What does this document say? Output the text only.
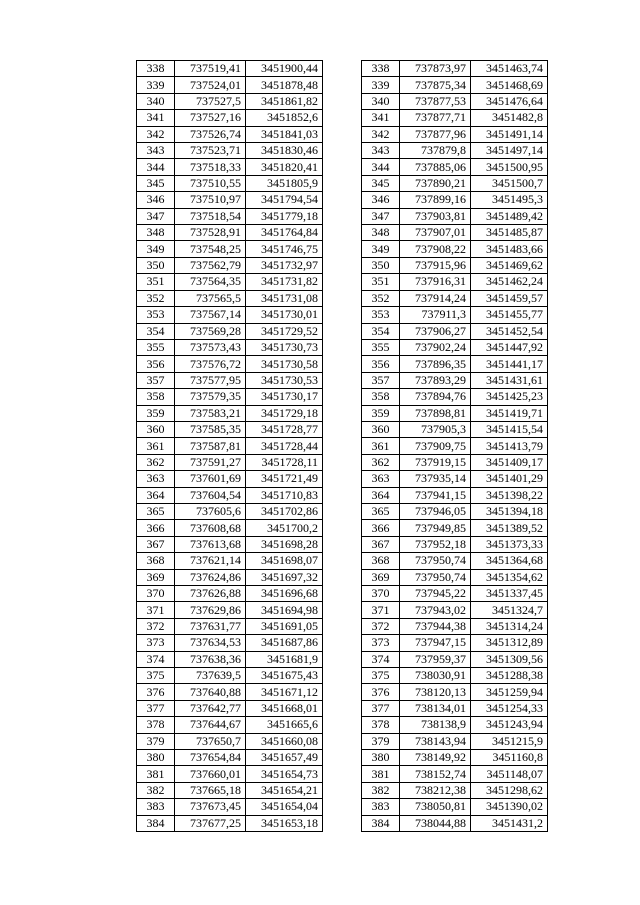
338	737519,41	3451900,44
339	737524,01	3451878,48
340	737527,5	3451861,82
341	737527,16	3451852,6
342	737526,74	3451841,03
343	737523,71	3451830,46
344	737518,33	3451820,41
345	737510,55	3451805,9
346	737510,97	3451794,54
347	737518,54	3451779,18
348	737528,91	3451764,84
349	737548,25	3451746,75
350	737562,79	3451732,97
351	737564,35	3451731,82
352	737565,5	3451731,08
353	737567,14	3451730,01
354	737569,28	3451729,52
355	737573,43	3451730,73
356	737576,72	3451730,58
357	737577,95	3451730,53
358	737579,35	3451730,17
359	737583,21	3451729,18
360	737585,35	3451728,77
361	737587,81	3451728,44
362	737591,27	3451728,11
363	737601,69	3451721,49
364	737604,54	3451710,83
365	737605,6	3451702,86
366	737608,68	3451700,2
367	737613,68	3451698,28
368	737621,14	3451698,07
369	737624,86	3451697,32
370	737626,88	3451696,68
371	737629,86	3451694,98
372	737631,77	3451691,05
373	737634,53	3451687,86
374	737638,36	3451681,9
375	737639,5	3451675,43
376	737640,88	3451671,12
377	737642,77	3451668,01
378	737644,67	3451665,6
379	737650,7	3451660,08
380	737654,84	3451657,49
381	737660,01	3451654,73
382	737665,18	3451654,21
383	737673,45	3451654,04
384	737677,25	3451653,18
338	737873,97	3451463,74
339	737875,34	3451468,69
340	737877,53	3451476,64
341	737877,71	3451482,8
342	737877,96	3451491,14
343	737879,8	3451497,14
344	737885,06	3451500,95
345	737890,21	3451500,7
346	737899,16	3451495,3
347	737903,81	3451489,42
348	737907,01	3451485,87
349	737908,22	3451483,66
350	737915,96	3451469,62
351	737916,31	3451462,24
352	737914,24	3451459,57
353	737911,3	3451455,77
354	737906,27	3451452,54
355	737902,24	3451447,92
356	737896,35	3451441,17
357	737893,29	3451431,61
358	737894,76	3451425,23
359	737898,81	3451419,71
360	737905,3	3451415,54
361	737909,75	3451413,79
362	737919,15	3451409,17
363	737935,14	3451401,29
364	737941,15	3451398,22
365	737946,05	3451394,18
366	737949,85	3451389,52
367	737952,18	3451373,33
368	737950,74	3451364,68
369	737950,74	3451354,62
370	737945,22	3451337,45
371	737943,02	3451324,7
372	737944,38	3451314,24
373	737947,15	3451312,89
374	737959,37	3451309,56
375	738030,91	3451288,38
376	738120,13	3451259,94
377	738134,01	3451254,33
378	738138,9	3451243,94
379	738143,94	3451215,9
380	738149,92	3451160,8
381	738152,74	3451148,07
382	738212,38	3451298,62
383	738050,81	3451390,02
384	738044,88	3451431,2
